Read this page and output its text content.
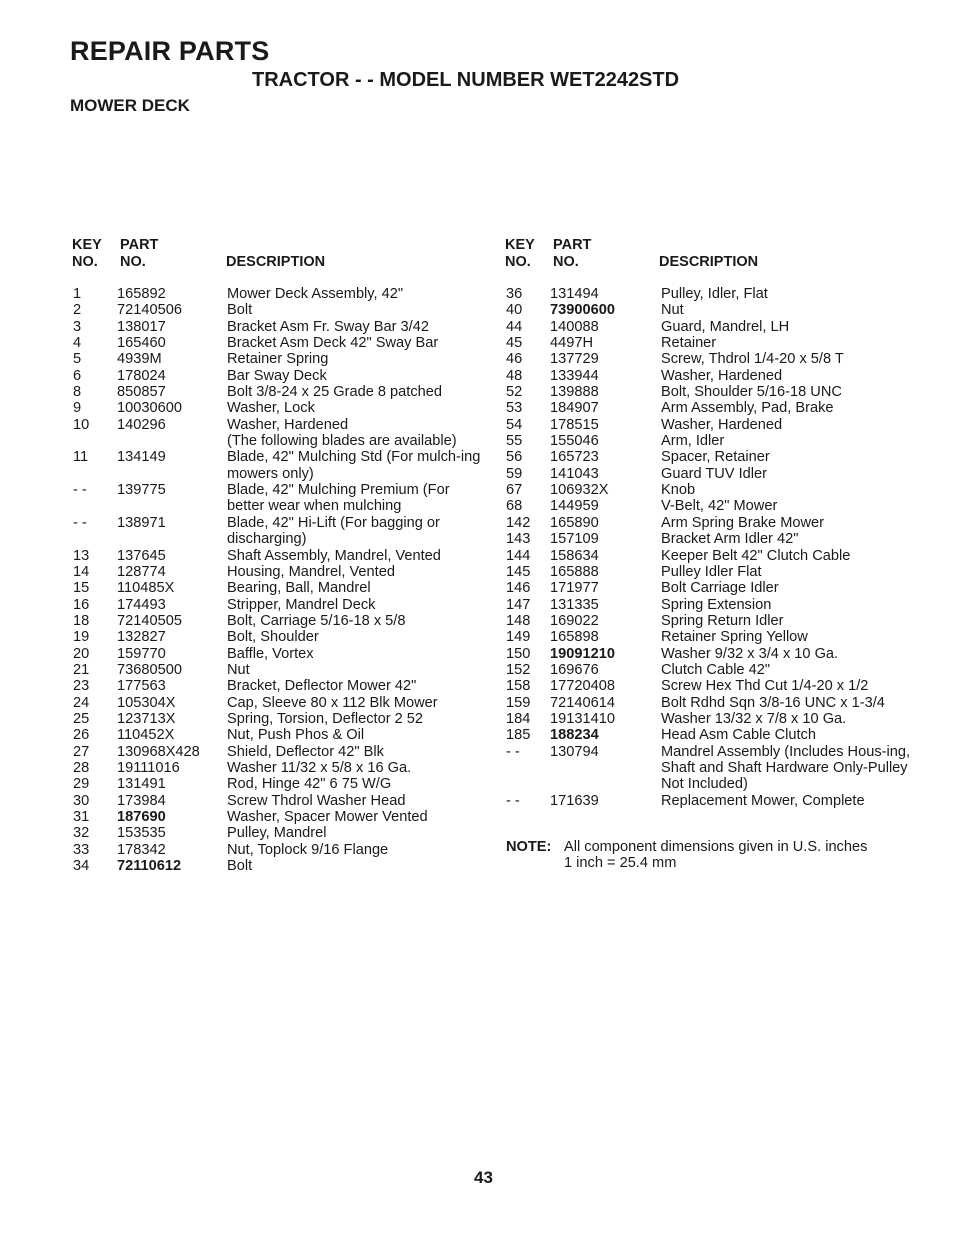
REPAIR PARTS
TRACTOR - - MODEL NUMBER WET2242STD
MOWER DECK
KEY
NO.
PART
NO.	DESCRIPTION
KEY
NO.
PART
NO.	DESCRIPTION
1 165892	Mower Deck Assembly, 42"
2 72140506	Bolt
3 138017	Bracket Asm Fr. Sway Bar 3/42
4 165460	Bracket Asm Deck 42" Sway Bar
5 4939M	Retainer Spring
6 178024	Bar Sway Deck
8 850857	Bolt 3/8-24 x 25 Grade 8 patched
9 10030600	Washer, Lock
10 140296	Washer, Hardened
(The following blades are available)
11 134149	Blade, 42" Mulching Std (For mulch-ing mowers only)
- - 139775	Blade, 42" Mulching Premium (For better wear when mulching
- - 138971	Blade, 42" Hi-Lift (For bagging or discharging)
13 137645	Shaft Assembly, Mandrel, Vented
14 128774	Housing, Mandrel, Vented
15 110485X	Bearing, Ball, Mandrel
16 174493	Stripper, Mandrel Deck
18 72140505	Bolt, Carriage 5/16-18 x 5/8
19 132827	Bolt, Shoulder
20 159770	Baffle, Vortex
21 73680500	Nut
23 177563	Bracket, Deflector Mower 42"
24 105304X	Cap, Sleeve 80 x 112 Blk Mower
25 123713X	Spring, Torsion, Deflector 2 52
26 110452X	Nut, Push Phos & Oil
27 130968X428 Shield, Deflector 42" Blk
28 19111016	Washer 11/32 x 5/8 x 16 Ga.
29 131491	Rod, Hinge 42" 6 75 W/G
30 173984	Screw Thdrol Washer Head
31 187690	Washer, Spacer Mower Vented
32 153535	Pulley, Mandrel
33 178342	Nut, Toplock 9/16 Flange
34 72110612	Bolt
36 131494	Pulley, Idler, Flat
40 73900600	Nut
44 140088	Guard, Mandrel, LH
45 4497H	Retainer
46 137729	Screw, Thdrol 1/4-20 x 5/8 T
48 133944	Washer, Hardened
52 139888	Bolt, Shoulder 5/16-18 UNC
53 184907	Arm Assembly, Pad, Brake
54 178515	Washer, Hardened
55 155046	Arm, Idler
56 165723	Spacer, Retainer
59 141043	Guard TUV Idler
67 106932X	Knob
68 144959	V-Belt, 42" Mower
142 165890	Arm Spring Brake Mower
143 157109	Bracket Arm Idler 42"
144 158634	Keeper Belt 42" Clutch Cable
145 165888	Pulley Idler Flat
146 171977	Bolt Carriage Idler
147 131335	Spring Extension
148 169022	Spring Return Idler
149 165898	Retainer Spring Yellow
150 19091210	Washer 9/32 x 3/4 x 10 Ga.
152 169676	Clutch Cable 42"
158 17720408	Screw Hex Thd Cut 1/4-20 x 1/2
159 72140614	Bolt Rdhd Sqn 3/8-16 UNC x 1-3/4
184 19131410	Washer 13/32 x 7/8 x 10 Ga.
185 188234	Head Asm Cable Clutch
- - 130794	Mandrel Assembly (Includes Hous-ing, Shaft and Shaft Hardware Only-Pulley Not Included)
- - 171639	Replacement Mower, Complete
NOTE: All component dimensions given in U.S. inches
1 inch = 25.4 mm
43
